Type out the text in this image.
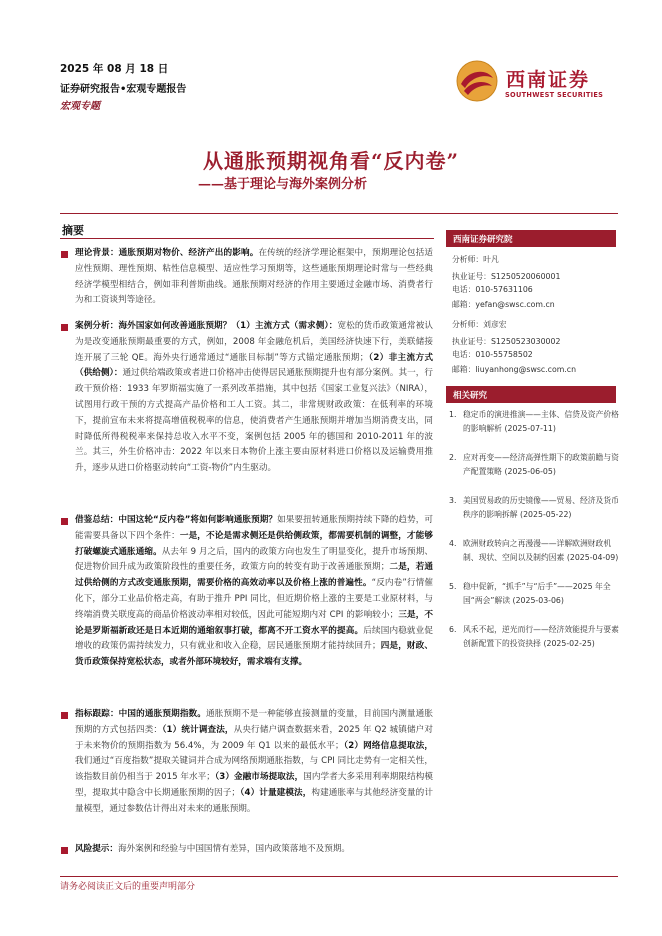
2025 年 08 月 18 日
证券研究报告•宏观专题报告
宏观专题
西南证券
SOUTHWEST SECURITIES
从通胀预期视角看“反内卷”
——基于理论与海外案例分析
摘要
理论背景：通胀预期对物价、经济产出的影响。在传统的经济学理论框架中，预期理论包括适应性预期、理性预期、粘性信息模型、适应性学习预期等，这些通胀预期理论时常与一些经典经济学模型相结合，例如菲利普斯曲线。通胀预期对经济的作用主要通过金融市场、消费者行为和工资谈判等途径。
案例分析：海外国家如何改善通胀预期？（1）主流方式（需求侧）：宽松的货币政策通常被认为是改变通胀预期最重要的方式，例如，2008 年金融危机后，美国经济快速下行，美联储接连开展了三轮 QE。海外央行通常通过“通胀目标制”等方式锚定通胀预期；（2）非主流方式（供给侧）：通过供给端政策或者进口价格冲击使得居民通胀预期提升也有部分案例。其一，行政干预价格：1933 年罗斯福实施了一系列改革措施，其中包括《国家工业复兴法》（NIRA），试图用行政干预的方式提高产品价格和工人工资。其二，非常规财政政策：在低利率的环境下，提前宣布未来将提高增值税税率的信息，使消费者产生通胀预期并增加当期消费支出，同时降低所得税税率来保持总收入水平不变，案例包括 2005 年的德国和 2010-2011 年的波兰。其三，外生价格冲击：2022 年以来日本物价上涨主要由原材料进口价格以及运输费用推升，逐步从进口价格驱动转向“工资-物价”内生驱动。
借鉴总结：中国这轮“反内卷”将如何影响通胀预期？如果要扭转通胀预期持续下降的趋势，可能需要具备以下四个条件：一是，不论是需求侧还是供给侧政策，都需要机制的调整，才能够打破螺旋式通胀通缩。从去年 9 月之后，国内的政策方向也发生了明显变化，提升市场预期、促进物价回升成为政策阶段性的重要任务，政策方向的转变有助于改善通胀预期；二是，若通过供给侧的方式改变通胀预期，需要价格的高效动率以及价格上涨的普遍性。“反内卷”行情催化下，部分工业品价格走高，有助于推升 PPI 同比，但近期价格上涨的主要是工业原材料，与终端消费关联度高的商品价格波动率相对较低，因此可能短期内对 CPI 的影响较小；三是，不论是罗斯福新政还是日本近期的通缩叙事打破，都离不开工资水平的提高。后续国内稳就业促增收的政策仍需持续发力，只有就业和收入企稳，居民通胀预期才能持续回升；四是，财政、货币政策保持宽松状态，或者外部环境较好，需求端有支撑。
指标跟踪：中国的通胀预期指数。通胀预期不是一种能够直接测量的变量，目前国内测量通胀预期的方式包括四类：（1）统计调查法，从央行储户调查数据来看，2025 年 Q2 城镇储户对于未来物价的预期指数为 56.4%，为 2009 年 Q1 以来的最低水平；（2）网络信息提取法，我们通过“百度指数”提取关键词并合成为网络预期通胀指数，与 CPI 同比走势有一定相关性，该指数目前仍相当于 2015 年水平；（3）金融市场提取法，国内学者大多采用利率期限结构模型，提取其中隐含中长期通胀预期的因子；（4）计量建模法，构建通胀率与其他经济变量的计量模型，通过参数估计得出对未来的通胀预期。
风险提示：海外案例和经验与中国国情有差异，国内政策落地不及预期。
西南证券研究院
分析师：叶凡
执业证号：S1250520060001
电话：010-57631106
邮箱：yefan@swsc.com.cn
分析师：刘彦宏
执业证号：S1250523030002
电话：010-55758502
邮箱：liuyanhong@swsc.com.cn
相关研究
1. 稳定币的演进推演——主体、信贷及资产价格的影响解析 (2025-07-11)
2. 应对再变——经济高弹性期下的政策前瞻与资产配置策略 (2025-06-05)
3. 美国贸易政的历史镜像——贸易、经济及货币秩序的影响拆解 (2025-05-22)
4. 欧洲财政转向之再漫漫——详解欧洲财政机制、现状、空间以及制约因素 (2025-04-09)
5. 稳中促新，“抓手”与“后手”——2025 年全国“两会”解读 (2025-03-06)
6. 风禾不起，逆光而行——经济效能提升与要素创新配置下的投资抉择 (2025-02-25)
请务必阅读正文后的重要声明部分
